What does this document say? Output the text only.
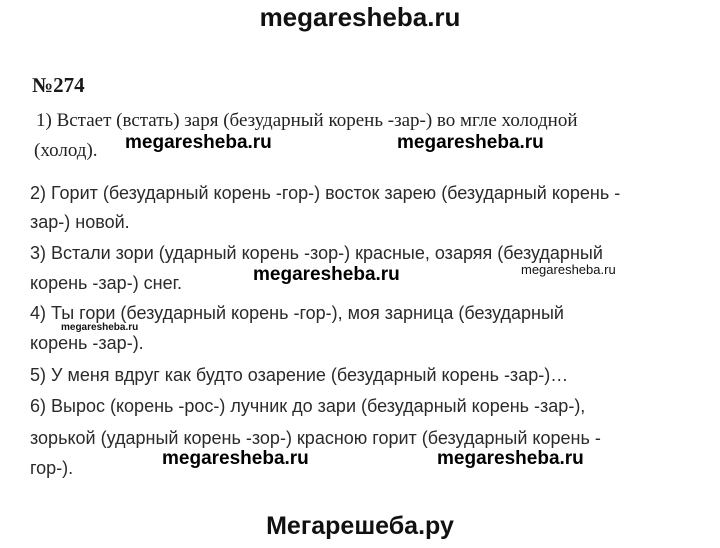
megaresheba.ru
№274
1) Встает (встать) заря (безударный корень -зар-) во мгле холодной
(холод).
2) Горит (безударный корень -гор-) восток зарею (безударный корень -
зар-) новой.
3) Встали зори (ударный корень -зор-) красные, озаряя (безударный
корень -зар-) снег.
4) Ты гори (безударный корень -гор-), моя зарница (безударный
корень -зар-).
5) У меня вдруг как будто озарение (безударный корень -зар-)…
6) Вырос (корень -рос-) лучник до зари (безударный корень -зар-),
зорькой (ударный корень -зор-) красною горит (безударный корень -
гор-).
megaresheba.ru	megaresheba.ru
megaresheba.ru	megaresheba.ru
megaresheba.ru
megaresheba.ru	megaresheba.ru
Мегарешеба.ру
